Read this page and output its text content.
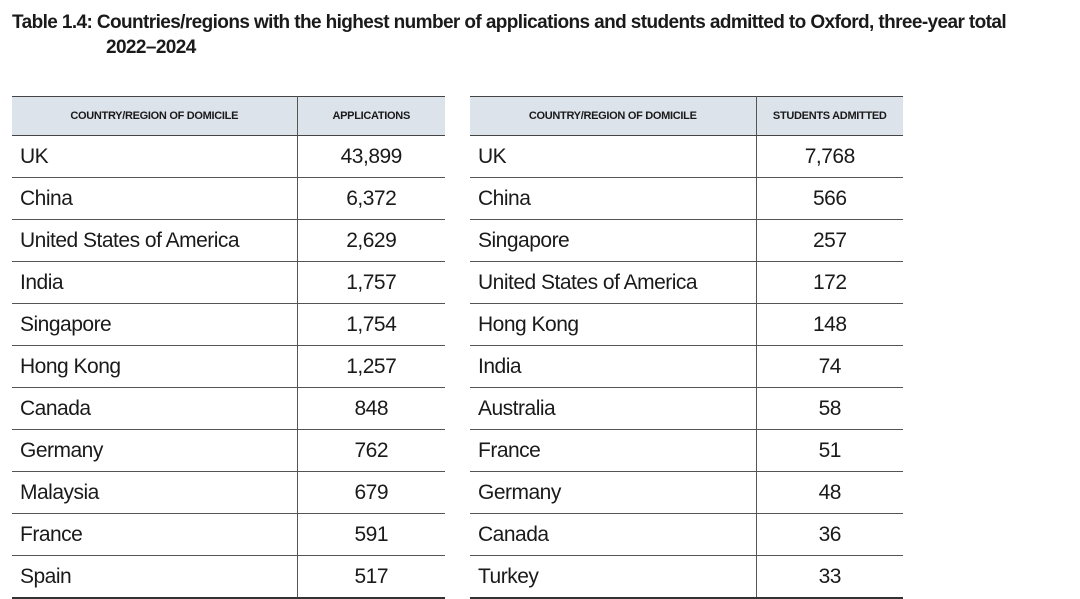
Table 1.4: Countries/regions with the highest number of applications and students admitted to Oxford, three-year total
2022–2024
COUNTRY/REGION OF DOMICILE	APPLICATIONS
UK	43,899
China	6,372
United States of America	2,629
India	1,757
Singapore	1,754
Hong Kong	1,257
Canada	848
Germany	762
Malaysia	679
France	591
Spain	517
COUNTRY/REGION OF DOMICILE	STUDENTS ADMITTED
UK	7,768
China	566
Singapore	257
United States of America	172
Hong Kong	148
India	74
Australia	58
France	51
Germany	48
Canada	36
Turkey	33
